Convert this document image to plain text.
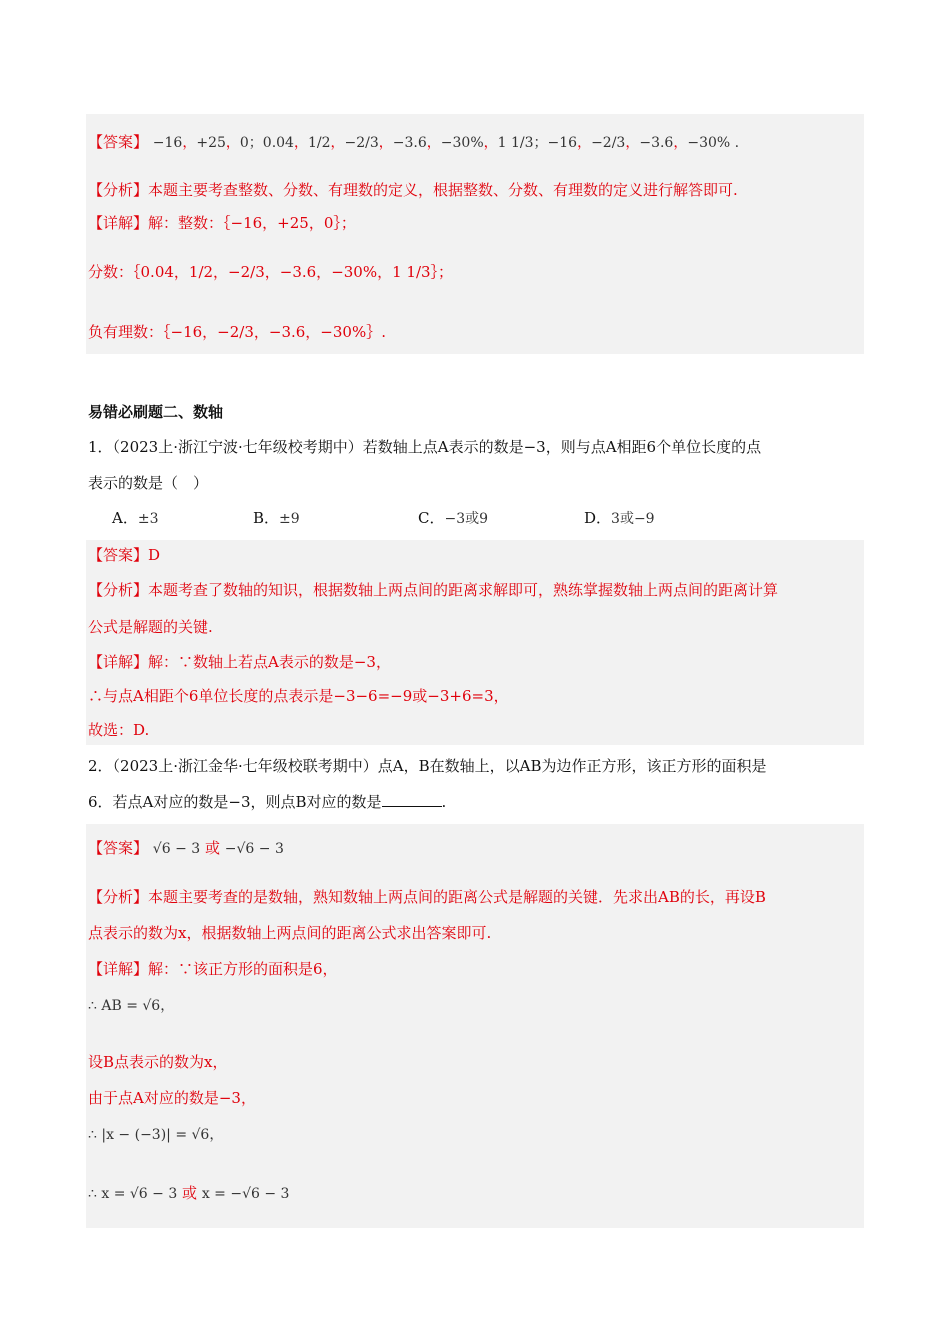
【答案】 −16，+25，0；0.04，1/2，−2/3，−3.6，−30%，1 1/3；−16，−2/3，−3.6，−30% .
【分析】本题主要考查整数、分数、有理数的定义，根据整数、分数、有理数的定义进行解答即可.
【详解】解：整数：｛−16，+25，0｝；
分数：｛0.04，1/2，−2/3，−3.6，−30%，1 1/3｝；
负有理数：｛−16，−2/3，−3.6，−30%｝.
易错必刷题二、数轴
1．（2023上·浙江宁波·七年级校考期中）若数轴上点A表示的数是−3，则与点A相距6个单位长度的点
表示的数是（　）
A．±3	B．±9	C．−3或9	D．3或−9
【答案】D
【分析】本题考查了数轴的知识，根据数轴上两点间的距离求解即可，熟练掌握数轴上两点间的距离计算
公式是解题的关键.
【详解】解：∵数轴上若点A表示的数是−3，
∴与点A相距个6单位长度的点表示是−3−6=−9或−3+6=3，
故选：D.
2．（2023上·浙江金华·七年级校联考期中）点A，B在数轴上，以AB为边作正方形，该正方形的面积是
6．若点A对应的数是−3，则点B对应的数是	.
【答案】 √6 − 3 或 −√6 − 3
【分析】本题主要考查的是数轴，熟知数轴上两点间的距离公式是解题的关键．先求出AB的长，再设B
点表示的数为x，根据数轴上两点间的距离公式求出答案即可.
【详解】解：∵该正方形的面积是6，
∴ AB = √6，
设B点表示的数为x，
由于点A对应的数是−3，
∴ |x − (−3)| = √6，
∴ x = √6 − 3 或 x = −√6 − 3
